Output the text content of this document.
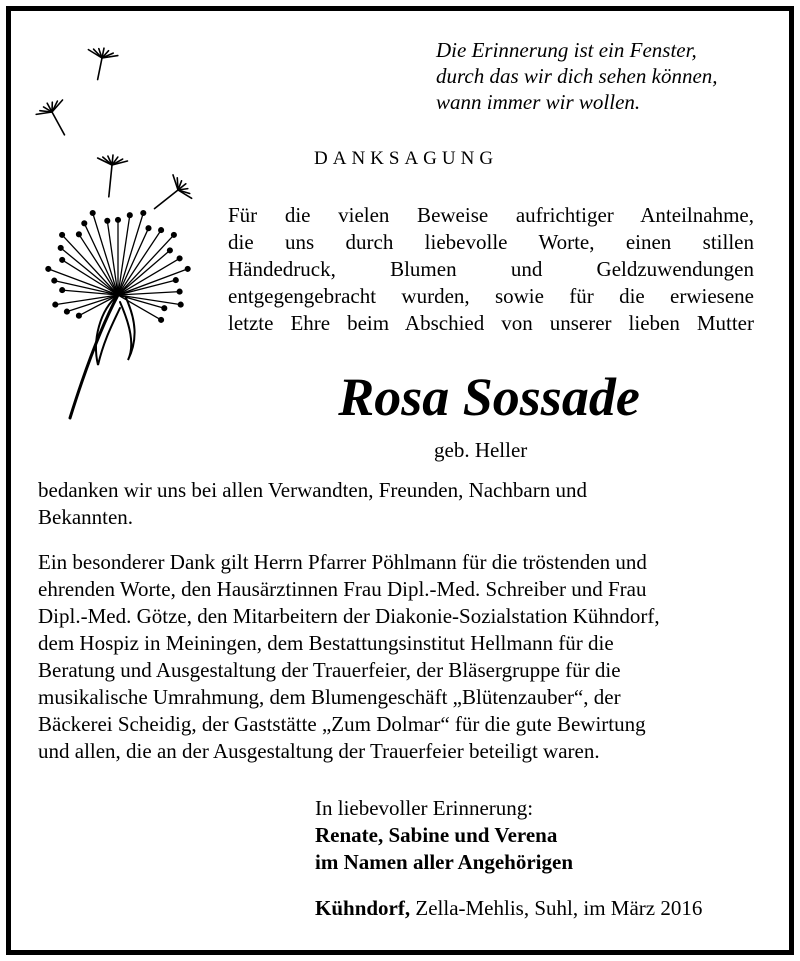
Die Erinnerung ist ein Fenster,
durch das wir dich sehen können,
wann immer wir wollen.
DANKSAGUNG
Für die vielen Beweise aufrichtiger Anteilnahme,
die uns durch liebevolle Worte, einen stillen
Händedruck, Blumen und Geldzuwendungen
entgegengebracht wurden, sowie für die erwiesene
letzte Ehre beim Abschied von unserer lieben Mutter
Rosa Sossade
geb. Heller
bedanken wir uns bei allen Verwandten, Freunden, Nachbarn und
Bekannten.
Ein besonderer Dank gilt Herrn Pfarrer Pöhlmann für die tröstenden und
ehrenden Worte, den Hausärztinnen Frau Dipl.-Med. Schreiber und Frau
Dipl.-Med. Götze, den Mitarbeitern der Diakonie-Sozialstation Kühndorf,
dem Hospiz in Meiningen, dem Bestattungsinstitut Hellmann für die
Beratung und Ausgestaltung der Trauerfeier, der Bläsergruppe für die
musikalische Umrahmung, dem Blumengeschäft „Blütenzauber“, der
Bäckerei Scheidig, der Gaststätte „Zum Dolmar“ für die gute Bewirtung
und allen, die an der Ausgestaltung der Trauerfeier beteiligt waren.
In liebevoller Erinnerung:
Renate, Sabine und Verena
im Namen aller Angehörigen
Kühndorf, Zella-Mehlis, Suhl, im März 2016
